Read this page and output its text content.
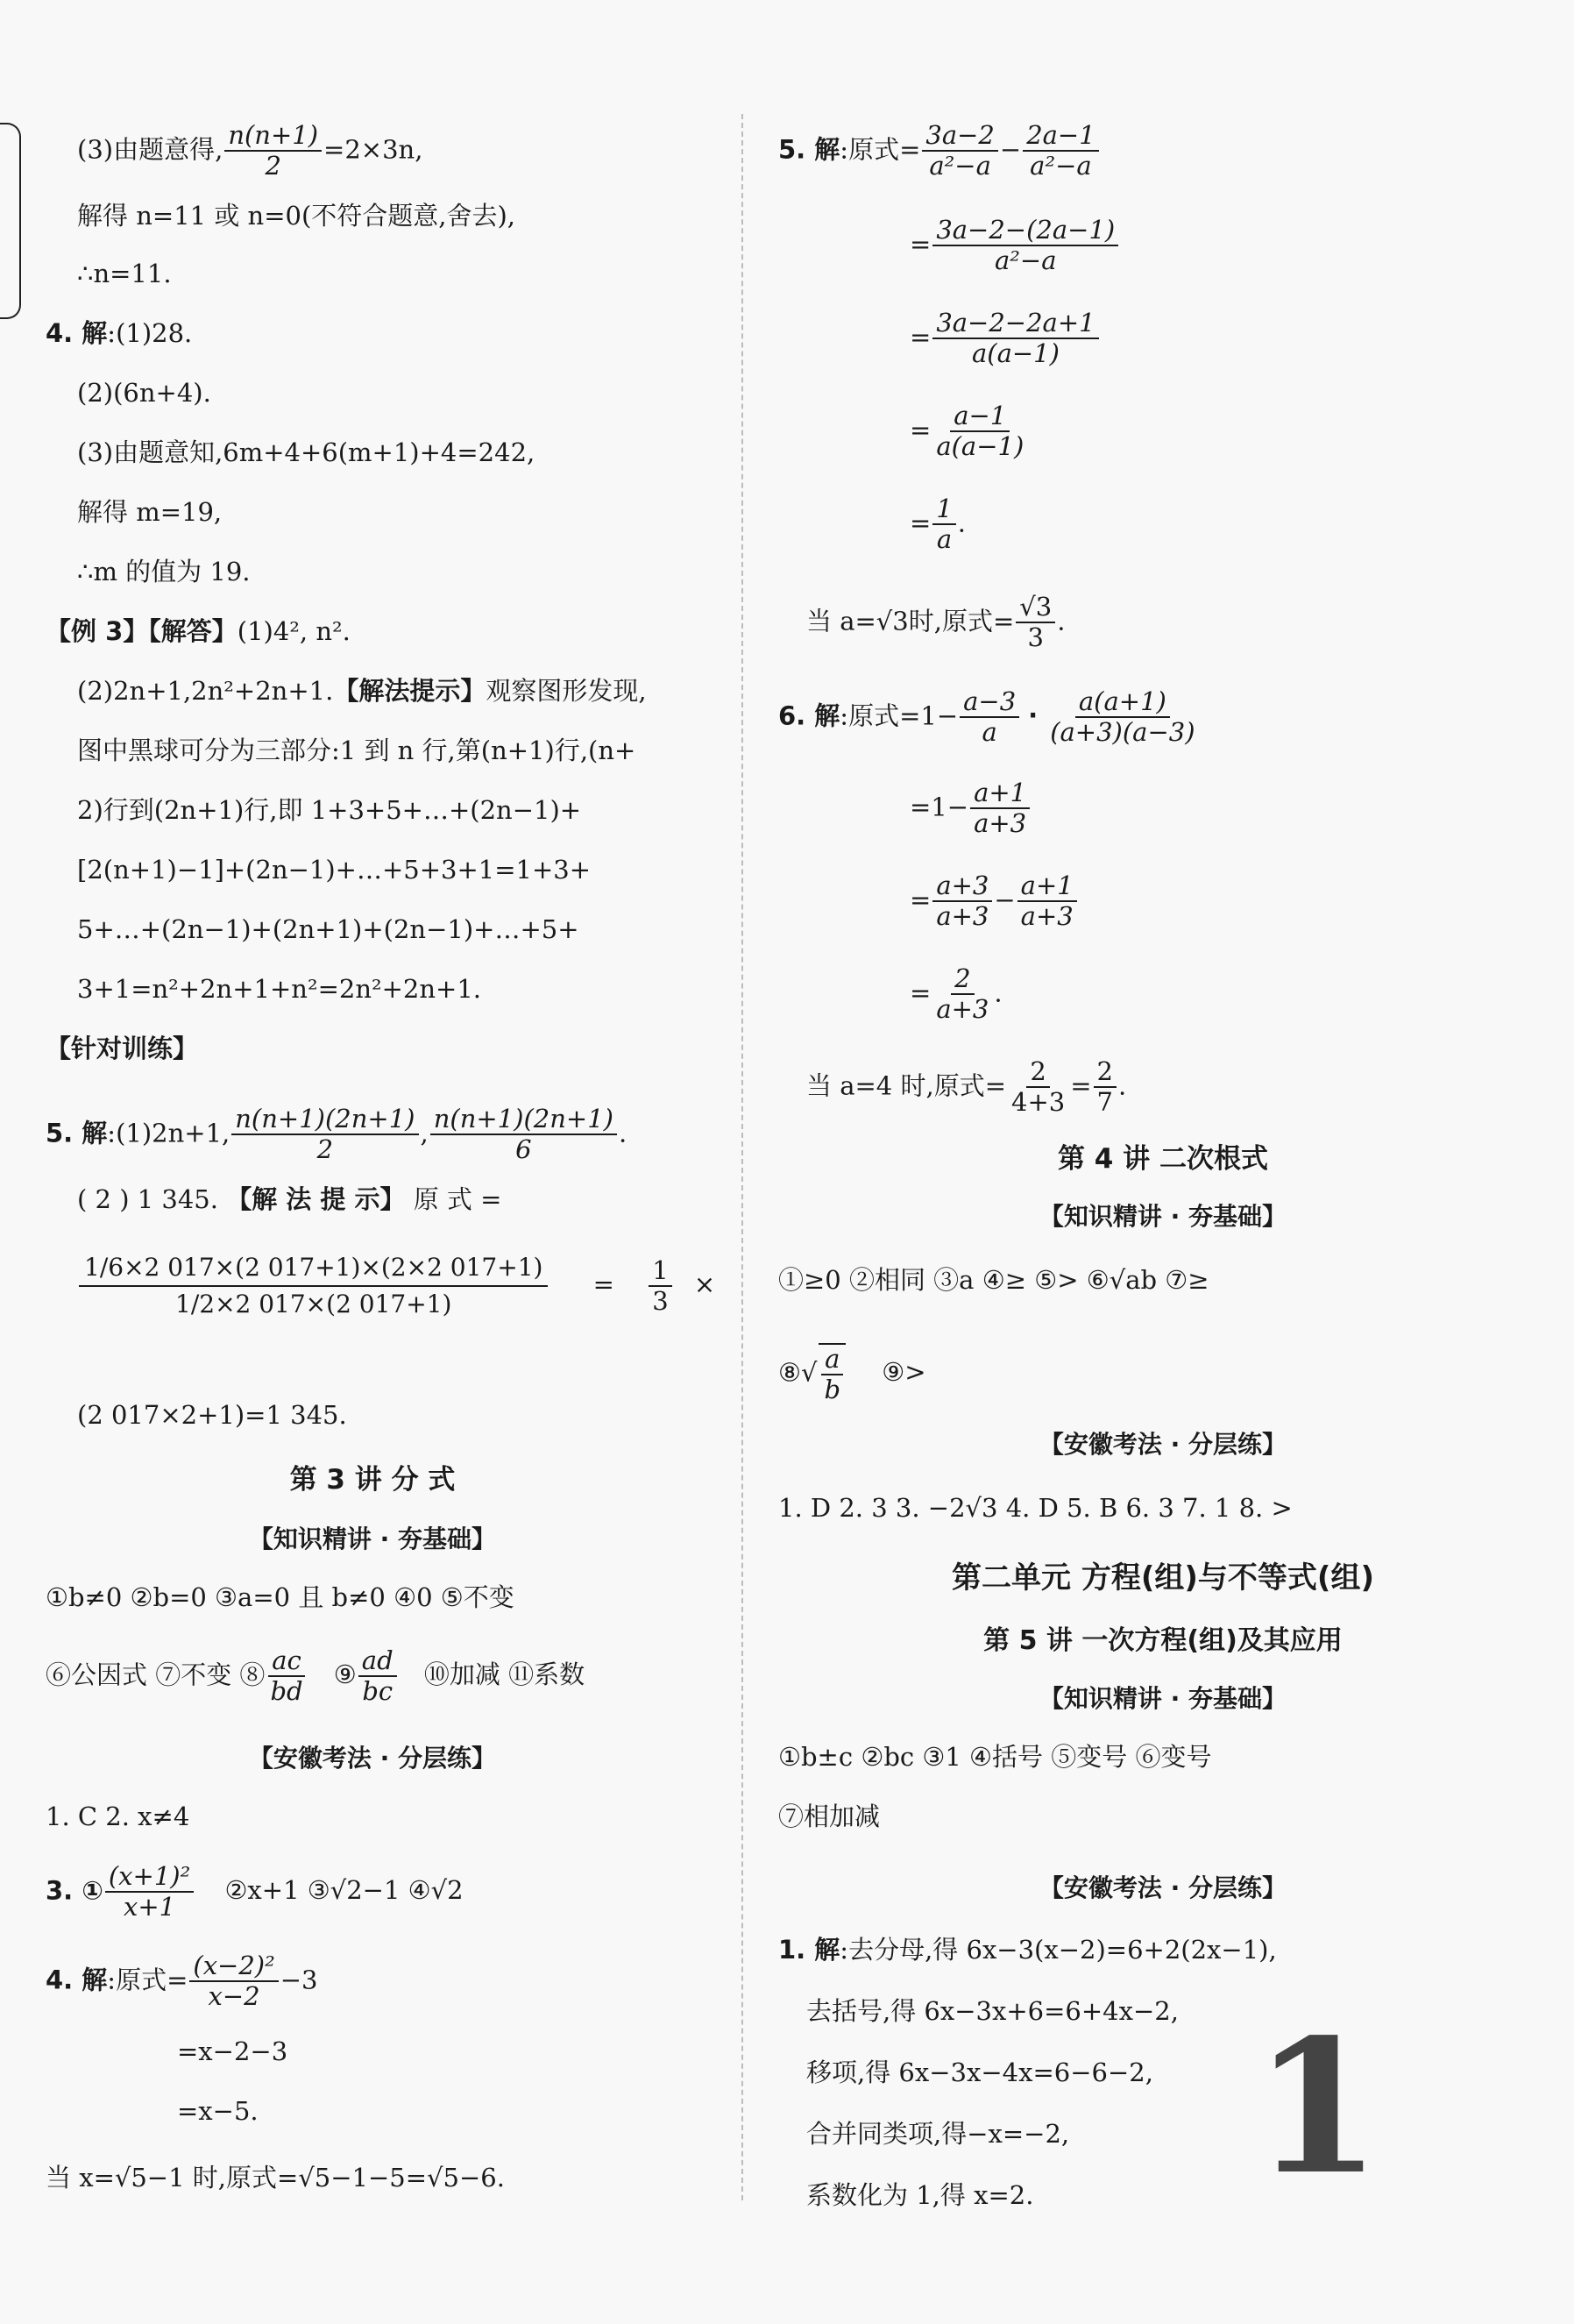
(3)由题意得, $\frac{n(n+1)}{2} =2\times 3n$,
解得 n=11 或 n=0(不符合题意,舍去),
∴n=11.
4. 解:(1)28.
(2)(6n+4).
(3)由题意知,6m+4+6(m+1)+4=242,
解得 m=19,
∴m 的值为 19.
【例 3】【解答】(1)4², n².
(2)2n+1,2n²+2n+1.【解法提示】观察图形发现,
图中黑球可分为三部分:1 到 n 行,第(n+1)行,(n+
2)行到(2n+1)行,即 1+3+5+…+(2n−1)+
[2(n+1)−1]+(2n−1)+…+5+3+1=1+3+
5+…+(2n−1)+(2n+1)+(2n−1)+…+5+
3+1=n²+2n+1+n²=2n²+2n+1.
【针对训练】
5. 解:(1)2n+1, $\frac{n(n+1)(2n+1)}{2}$ , $\frac{n(n+1)(2n+1)}{6}$ .
( 2 ) 1 345. 【解 法 提 示】 原 式 =
$\frac{1/6\times 2 017\times(2 017+1)\times(2\times 2 017+1)}{1/2\times 2 017\times(2 017+1)} = \frac{1}{3}$ ×
(2 017×2+1)=1 345.
第 3 讲 分 式
【知识精讲 · 夯基础】
①b≠0 ②b=0 ③a=0 且 b≠0 ④0 ⑤不变
⑥公因式 ⑦不变 ⑧ $\frac{ac}{bd}$ ⑨ $\frac{ad}{bc}$ ⑩加减 ⑪系数
【安徽考法 · 分层练】
1. C 2. x≠4
3. ① $\frac{\text{(x+1)²}}{x+1}$ ②x+1 ③√2−1 ④√2
4. 解:原式= $\frac{\text{(x−2)²}}{x-2} -3$
=x−2−3
=x−5.
当 x=√5−1 时,原式=√5−1−5=√5−6.
5. 解:原式= $\frac{3a-2}{\text{a²−a}} - \frac{2a-1}{\text{a²−a}}$
= $\frac{3a-2-(2a-1)}{\text{a²−a}}$
= $\frac{3a-2-2a+1}{a(a-1)}$
= $\frac{a-1}{a(a-1)}$
= $\frac{1}{a}$ .
当 a=√3时,原式= $\frac{√3}{3}$ .
6. 解:原式$=1- \frac{a-3}{a} \cdot \frac{a(a+1)}{(a+3)(a-3)}$
$=1- \frac{a+1}{a+3}$
= $\frac{a+3}{a+3} - \frac{a+1}{a+3}$
= $\frac{2}{a+3}$ .
当 a=4 时,原式= $\frac{2}{4+3} = \frac{2}{7}$ .
第 4 讲 二次根式
【知识精讲 · 夯基础】
①≥0 ②相同 ③a ④≥ ⑤> ⑥√ab ⑦≥
⑧√ $\frac{a}{b}$ ⑨>
【安徽考法 · 分层练】
1. D 2. 3 3. −2√3 4. D 5. B 6. 3 7. 1 8. >
第二单元 方程(组)与不等式(组)
第 5 讲 一次方程(组)及其应用
【知识精讲 · 夯基础】
①b±c ②bc ③1 ④括号 ⑤变号 ⑥变号
⑦相加减
【安徽考法 · 分层练】
1. 解:去分母,得 6x−3(x−2)=6+2(2x−1),
去括号,得 6x−3x+6=6+4x−2,
移项,得 6x−3x−4x=6−6−2,
合并同类项,得−x=−2,
系数化为 1,得 x=2. 1
